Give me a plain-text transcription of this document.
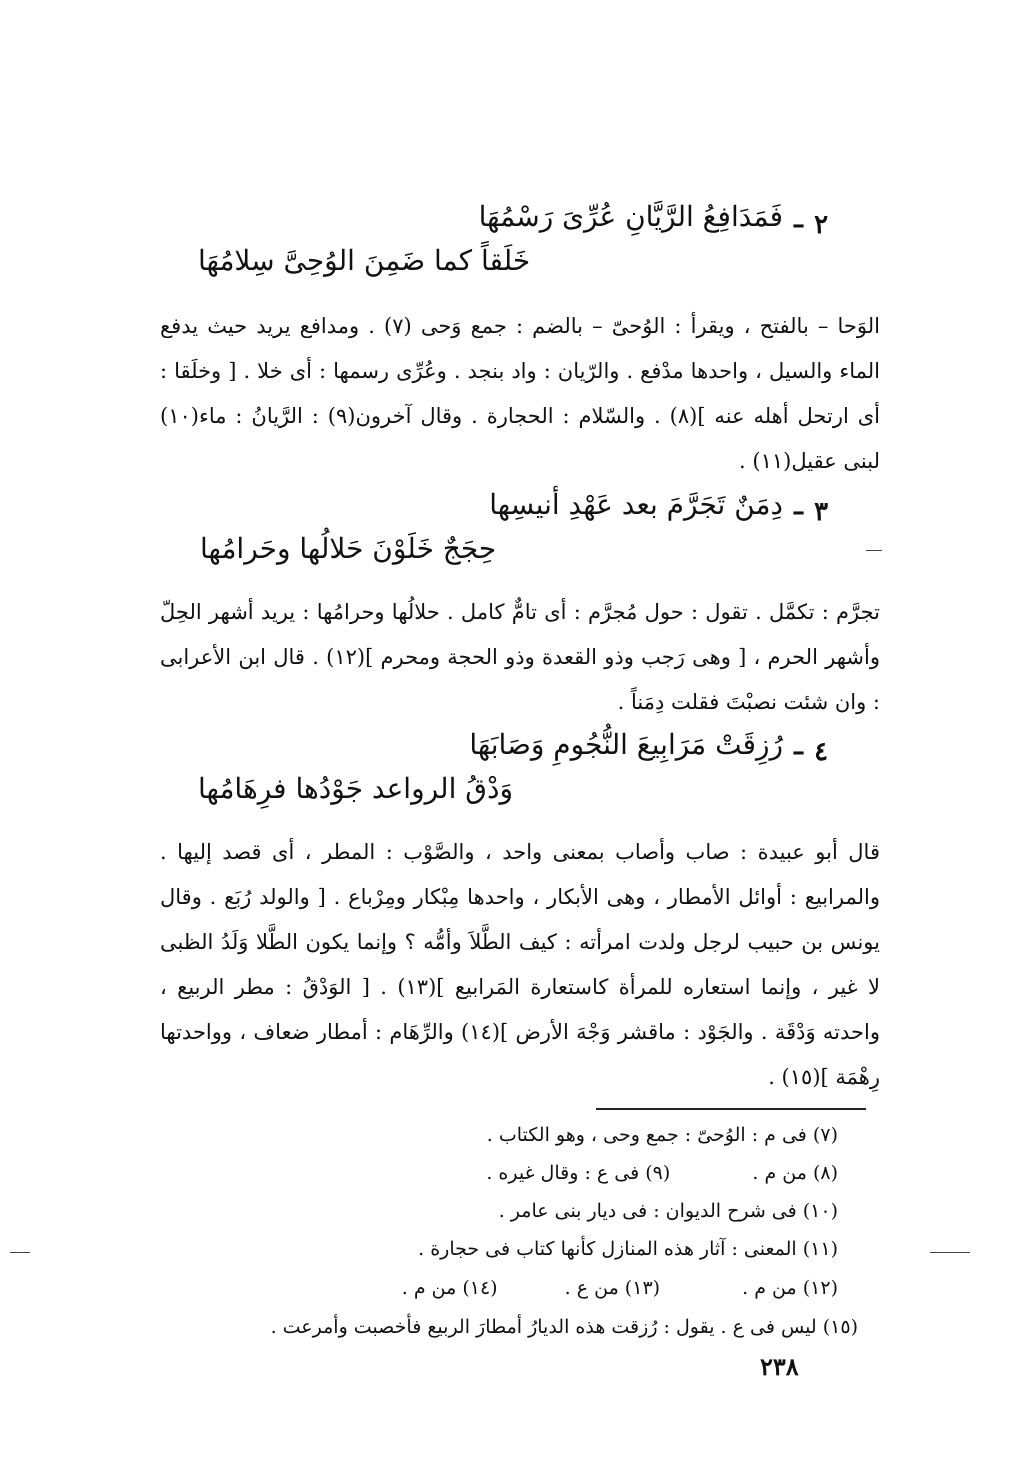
٢ –
فَمَدَافِعُ الرَّيَّانِ عُرِّىَ رَسْمُهَا
خَلَقاً كما ضَمِنَ الوُحِىَّ سِلامُهَا

الوَحا – بالفتح ، ويقرأ : الوُحىّ – بالضم : جمع وَحى (٧) . ومدافع يريد حيث يدفع الماء والسيل ، واحدها مدْفع . والرّيان : واد بنجد . وعُرِّى رسمها : أى خلا . [ وخلَقا : أى ارتحل أهله عنه ](٨) . والسّلام : الحجارة . وقال آخرون(٩) : الرَّيانُ : ماء(١٠) لبنى عقيل(١١) .

٣ –
دِمَنٌ تَجَرَّمَ بعد عَهْدِ أنيسِها
حِجَجٌ خَلَوْنَ حَلالُها وحَرامُها

تجرَّم : تكمَّل . تقول : حول مُجرَّم : أى تامٌّ كامل . حلالُها وحرامُها : يريد أشهر الحِلّ وأشهر الحرم ، [ وهى رَجب وذو القعدة وذو الحجة ومحرم ](١٢) . قال ابن الأعرابى : وان شئت نصبْتَ فقلت دِمَناً .

٤ –
رُزِقَتْ مَرَابِيعَ النُّجُومِ وَصَابَهَا
وَدْقُ الرواعد جَوْدُها فرِهَامُها

قال أبو عبيدة : صاب وأصاب بمعنى واحد ، والصَّوْب : المطر ، أى قصد إليها . والمرابيع : أوائل الأمطار ، وهى الأبكار ، واحدها مِبْكار ومِرْباع . [ والولد رُبَع . وقال يونس بن حبيب لرجل ولدت امرأته : كيف الطَّلاَ وأمُّه ؟ وإنما يكون الطَّلا وَلَدُ الظبى لا غير ، وإنما استعاره للمرأة كاستعارة المَرابيع ](١٣) . [ الوَدْقُ : مطر الربيع ، واحدته وَدْقَة . والجَوْد : ماقشر وَجْهَ الأرض ](١٤) والرِّهَام : أمطار ضعاف ، وواحدتها رِهْمَة ](١٥) .

(٧) فى م : الوُحىّ : جمع وحى ، وهو الكتاب .
(٨) من م .  (٩) فى ع : وقال غيره .
(١٠) فى شرح الديوان : فى ديار بنى عامر .
(١١) المعنى : آثار هذه المنازل كأنها كتاب فى حجارة .
(١٢) من م .  (١٣) من ع .  (١٤) من م .
(١٥) ليس فى ع . يقول : رُزقت هذه الديارُ أمطارَ الربيع فأخصبت وأمرعت .
٢٣٨
